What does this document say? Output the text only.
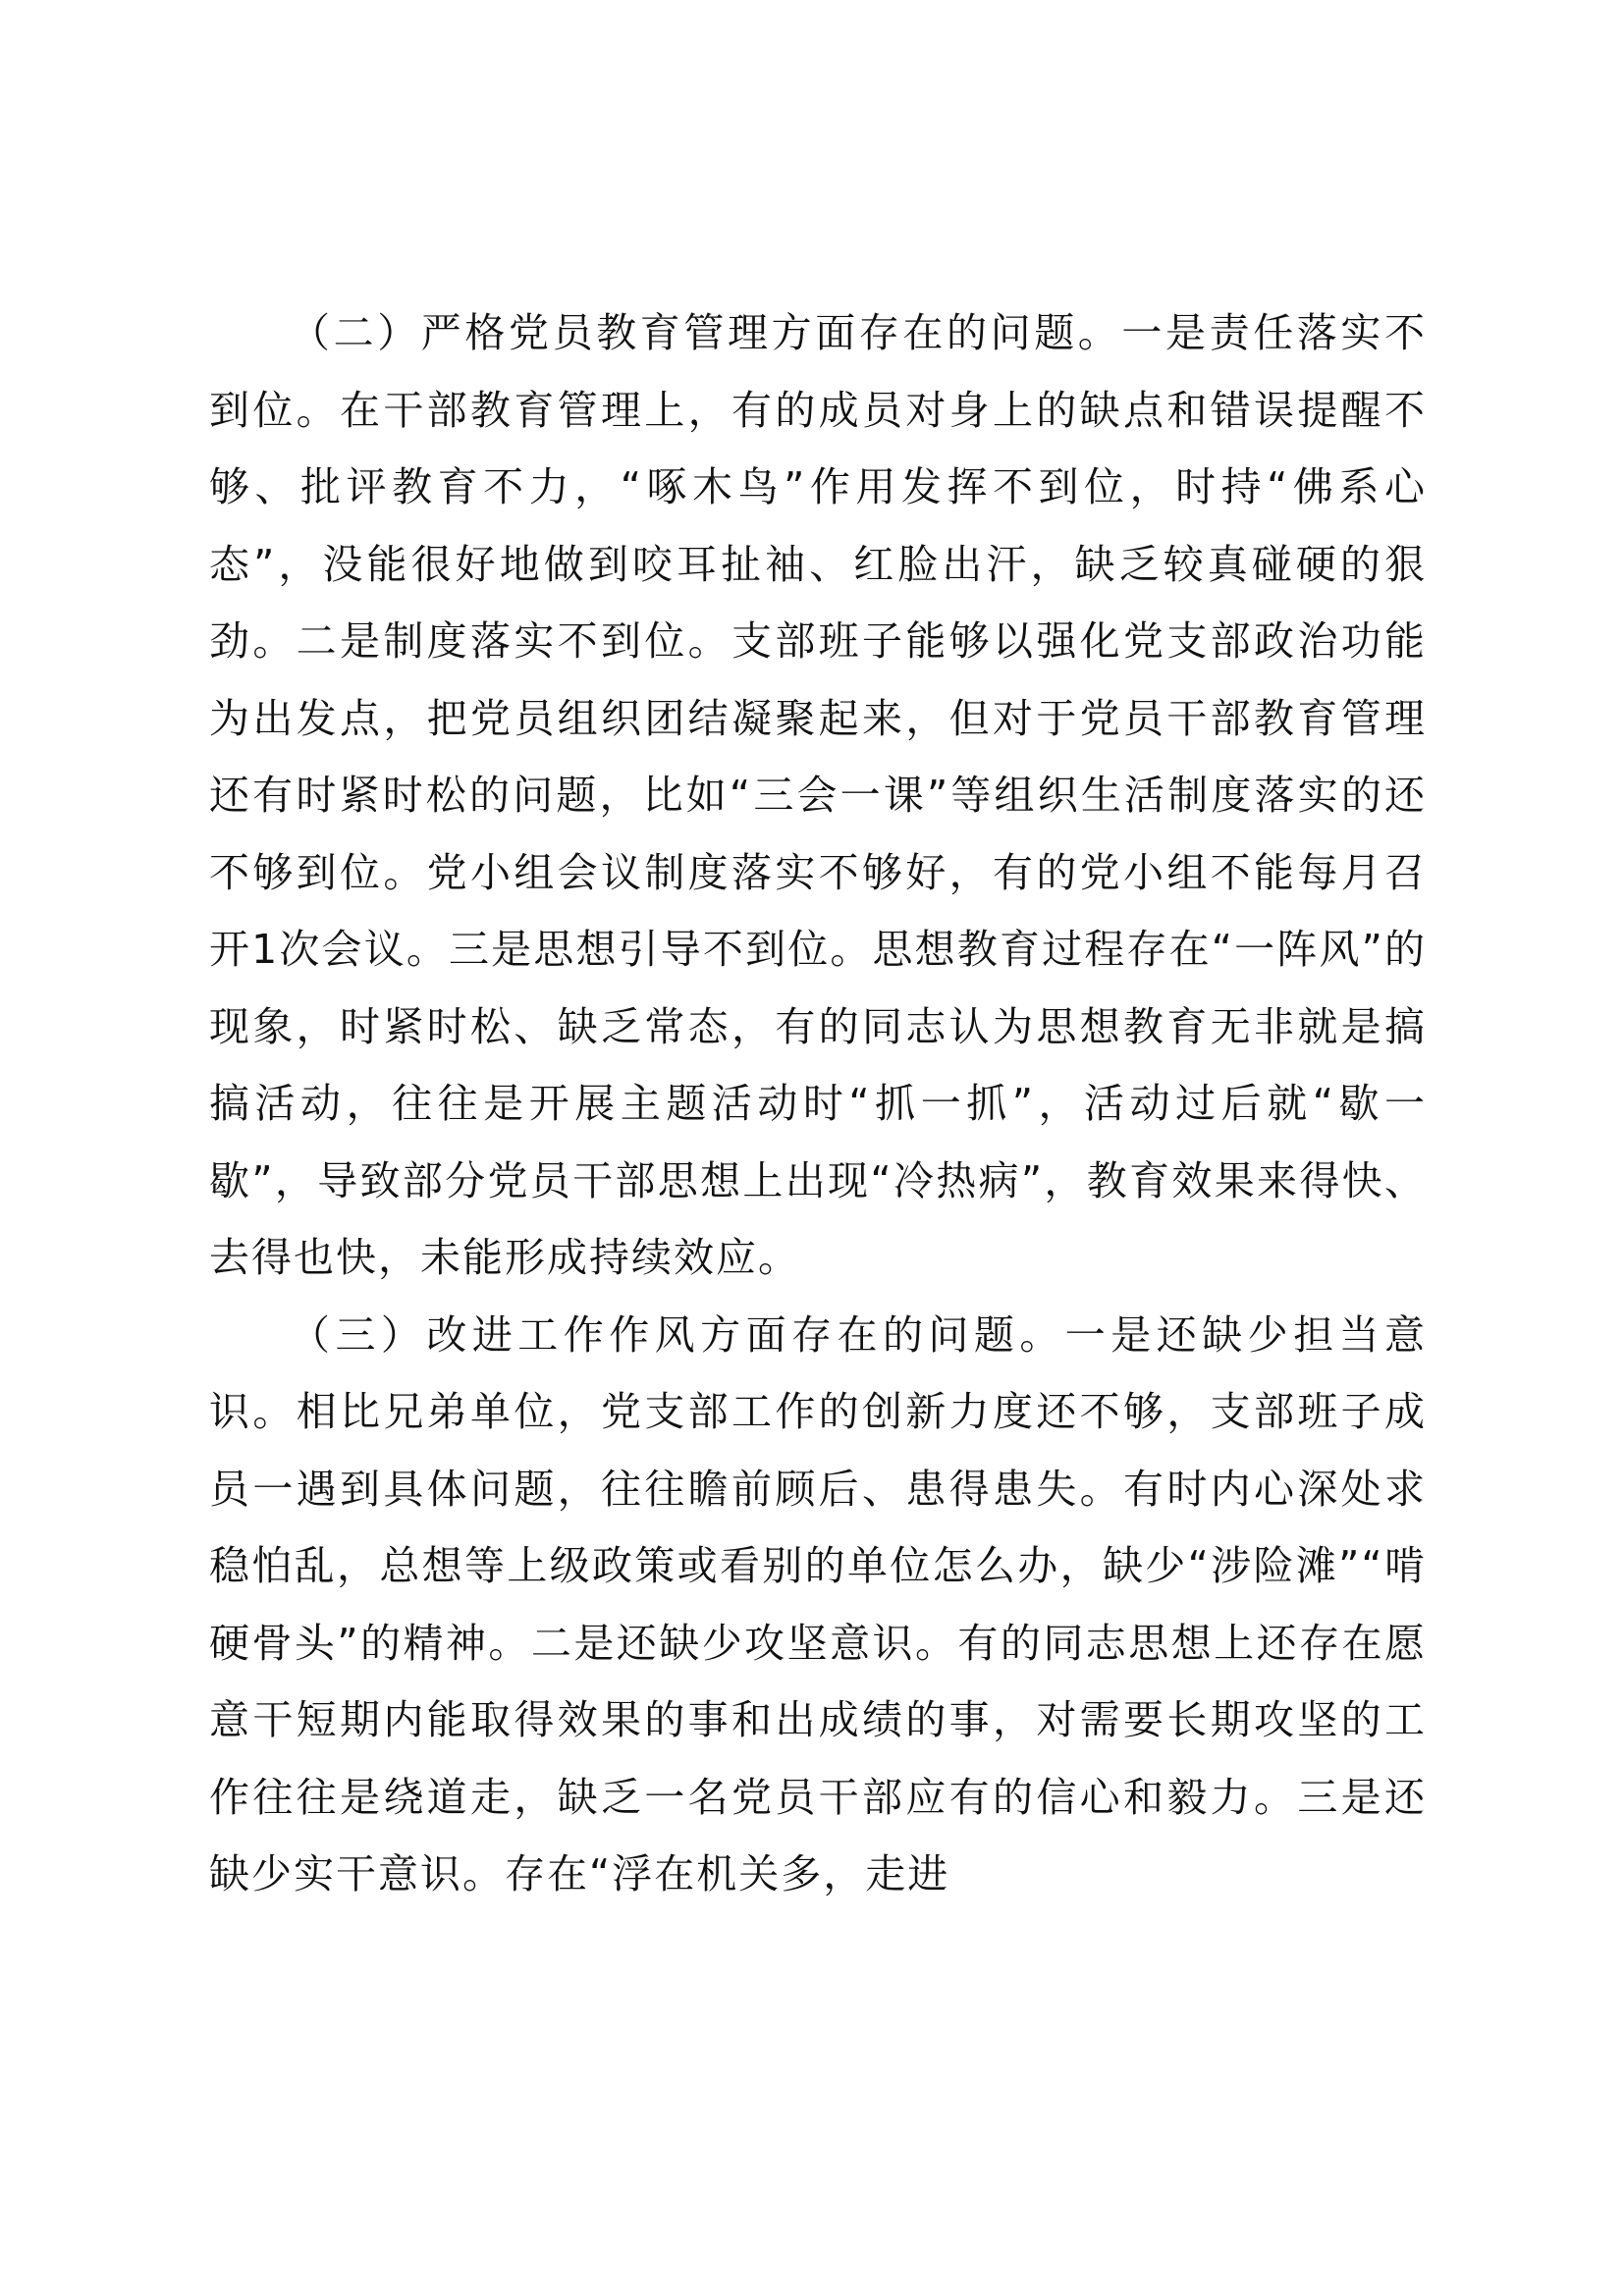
（二）严格党员教育管理方面存在的问题。一是责任落实不到位。在干部教育管理上，有的成员对身上的缺点和错误提醒不够、批评教育不力，“啄木鸟”作用发挥不到位，时持“佛系心态”，没能很好地做到咬耳扯袖、红脸出汗，缺乏较真碰硬的狠劲。二是制度落实不到位。支部班子能够以强化党支部政治功能为出发点，把党员组织团结凝聚起来，但对于党员干部教育管理还有时紧时松的问题，比如“三会一课”等组织生活制度落实的还不够到位。党小组会议制度落实不够好，有的党小组不能每月召开1次会议。三是思想引导不到位。思想教育过程存在“一阵风”的现象，时紧时松、缺乏常态，有的同志认为思想教育无非就是搞搞活动，往往是开展主题活动时“抓一抓”，活动过后就“歇一歇”，导致部分党员干部思想上出现“冷热病”，教育效果来得快、去得也快，未能形成持续效应。

（三）改进工作作风方面存在的问题。一是还缺少担当意识。相比兄弟单位，党支部工作的创新力度还不够，支部班子成员一遇到具体问题，往往瞻前顾后、患得患失。有时内心深处求稳怕乱，总想等上级政策或看别的单位怎么办，缺少“涉险滩”“啃硬骨头”的精神。二是还缺少攻坚意识。有的同志思想上还存在愿意干短期内能取得效果的事和出成绩的事，对需要长期攻坚的工作往往是绕道走，缺乏一名党员干部应有的信心和毅力。三是还缺少实干意识。存在“浮在机关多，走进
